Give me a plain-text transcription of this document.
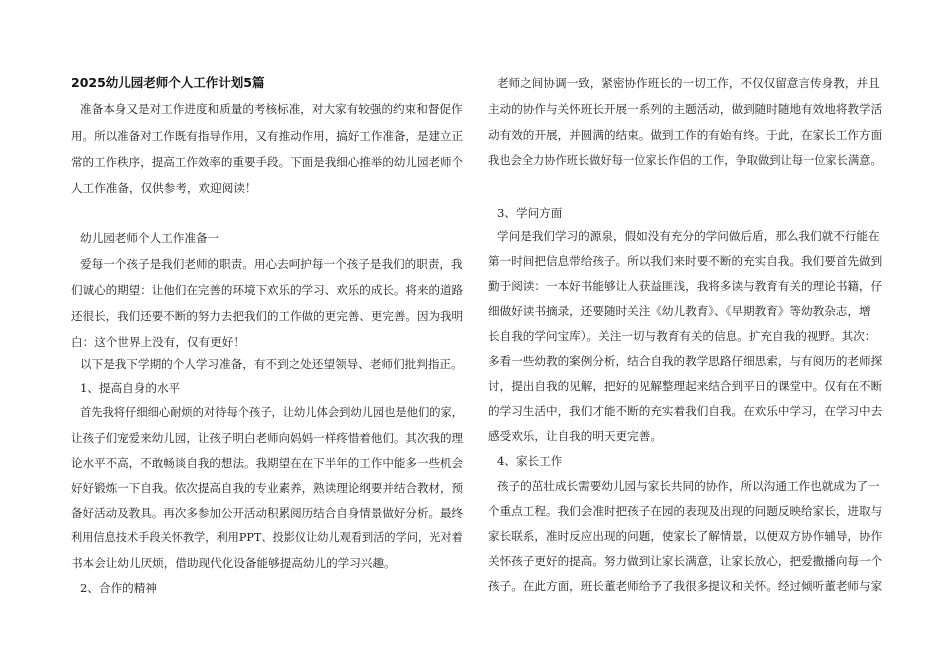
2025幼儿园老师个人工作计划5篇
准备本身又是对工作进度和质量的考核标准，对大家有较强的约束和督促作
用。所以准备对工作既有指导作用，又有推动作用，搞好工作准备，是建立正
常的工作秩序，提高工作效率的重要手段。下面是我细心推举的幼儿园老师个
人工作准备，仅供参考，欢迎阅读！
幼儿园老师个人工作准备一
爱每一个孩子是我们老师的职责。用心去呵护每一个孩子是我们的职责，我
们诚心的期望：让他们在完善的环境下欢乐的学习、欢乐的成长。将来的道路
还很长，我们还要不断的努力去把我们的工作做的更完善、更完善。因为我明
白：这个世界上没有，仅有更好！
以下是我下学期的个人学习准备，有不到之处还望领导、老师们批判指正。
1、提高自身的水平
首先我将仔细细心耐烦的对待每个孩子，让幼儿体会到幼儿园也是他们的家，
让孩子们宠爱来幼儿园，让孩子明白老师向妈妈一样疼惜着他们。其次我的理
论水平不高，不敢畅谈自我的想法。我期望在在下半年的工作中能多一些机会
好好锻炼一下自我。依次提高自我的专业素养，熟读理论纲要并结合教材，预
备好活动及教具。再次多参加公开活动积累阅历结合自身情景做好分析。最终
利用信息技术手段关怀教学，利用PPT、投影仪让幼儿观看到活的学问，光对着
书本会让幼儿厌烦，借助现代化设备能够提高幼儿的学习兴趣。
2、合作的精神
老师之间协调一致，紧密协作班长的一切工作，不仅仅留意言传身教，并且
主动的协作与关怀班长开展一系列的主题活动，做到随时随地有效地将教学活
动有效的开展，并圆满的结束。做到工作的有始有终。于此，在家长工作方面
我也会全力协作班长做好每一位家长作侣的工作，争取做到让每一位家长满意。
3、学问方面
学问是我们学习的源泉，假如没有充分的学问做后盾，那么我们就不行能在
第一时间把信息带给孩子。所以我们来时要不断的充实自我。我们要首先做到
勤于阅读：一本好书能够让人获益匪浅，我将多读与教育有关的理论书籍，仔
细做好读书摘录，还要随时关注《幼儿教育》、《早期教育》等幼教杂志，增
长自我的学问宝库）。关注一切与教育有关的信息。扩充自我的视野。其次：
多看一些幼教的案例分析，结合自我的教学思路仔细思索，与有阅历的老师探
讨，提出自我的见解，把好的见解整理起来结合到平日的课堂中。仅有在不断
的学习生活中，我们才能不断的充实着我们自我。在欢乐中学习，在学习中去
感受欢乐，让自我的明天更完善。
4、家长工作
孩子的茁壮成长需要幼儿园与家长共同的协作，所以沟通工作也就成为了一
个重点工程。我们会准时把孩子在园的表现及出现的问题反映给家长，进取与
家长联系，准时反应出现的问题，使家长了解情景，以便双方协作辅导，协作
关怀孩子更好的提高。努力做到让家长满意，让家长放心，把爱撒播向每一个
孩子。在此方面，班长董老师给予了我很多提议和关怀。经过倾听董老师与家
